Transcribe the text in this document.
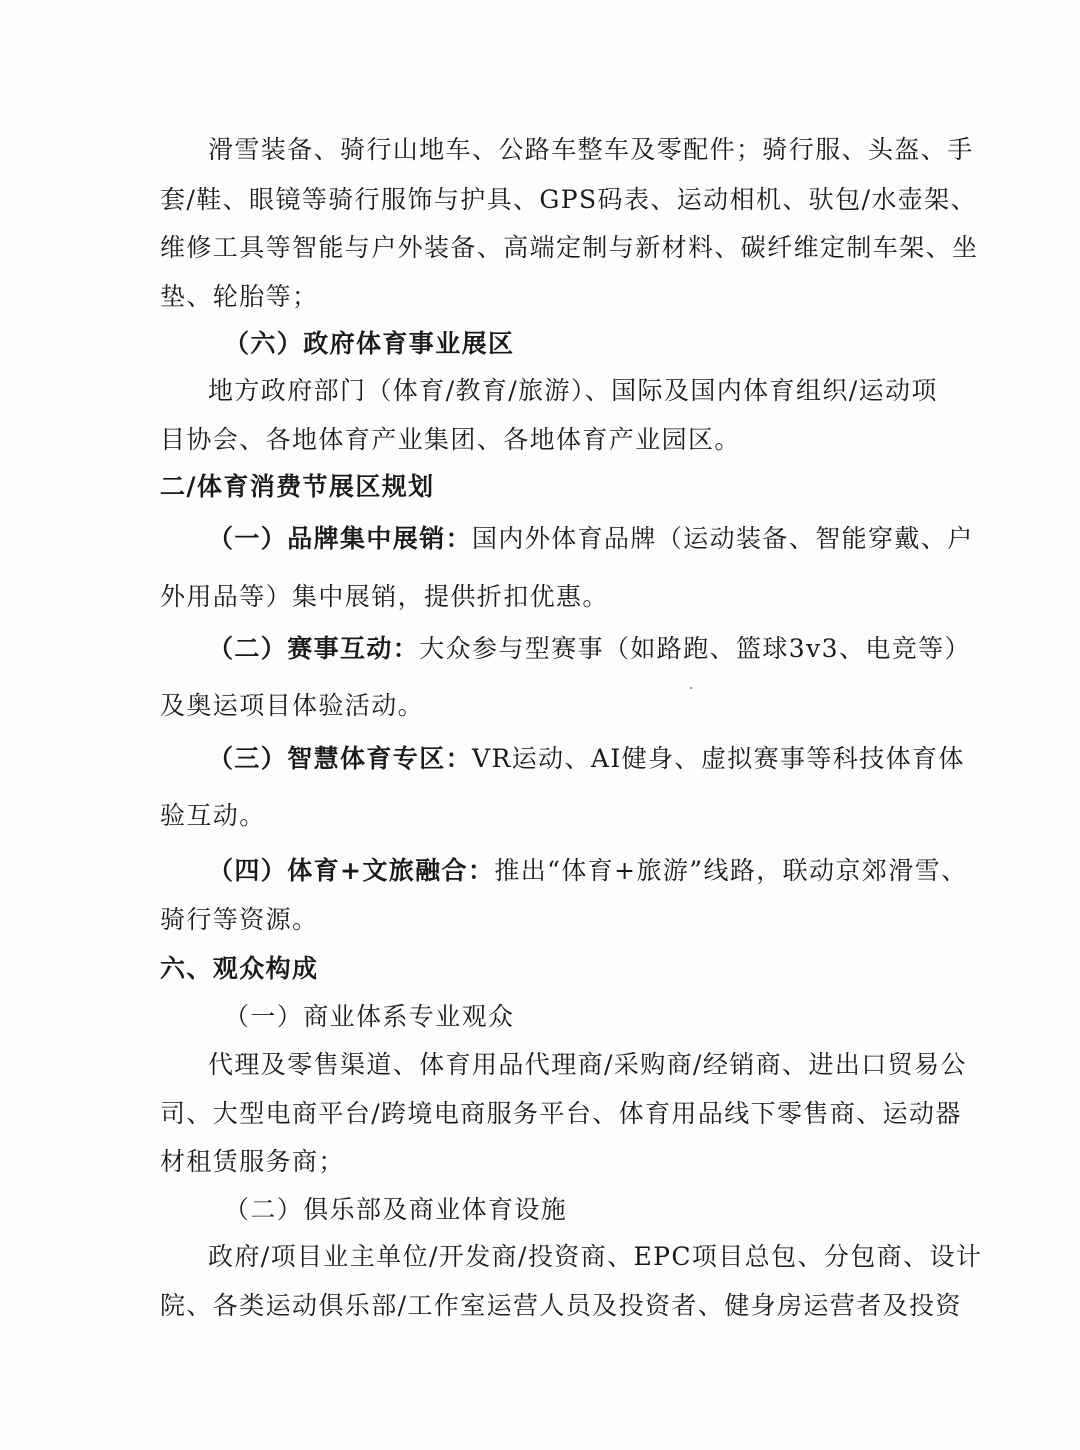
滑雪装备、骑行山地车、公路车整车及零配件；骑行服、头盔、手
套/鞋、眼镜等骑行服饰与护具、GPS码表、运动相机、驮包/水壶架、
维修工具等智能与户外装备、高端定制与新材料、碳纤维定制车架、坐
垫、轮胎等；
（六）政府体育事业展区
地方政府部门（体育/教育/旅游）、国际及国内体育组织/运动项
目协会、各地体育产业集团、各地体育产业园区。
二/体育消费节展区规划
（一）品牌集中展销：国内外体育品牌（运动装备、智能穿戴、户
外用品等）集中展销，提供折扣优惠。
（二）赛事互动：大众参与型赛事（如路跑、篮球3v3、电竞等）
及奥运项目体验活动。
（三）智慧体育专区：VR运动、AI健身、虚拟赛事等科技体育体
验互动。
（四）体育+文旅融合：推出“体育+旅游”线路，联动京郊滑雪、
骑行等资源。
六、观众构成
（一）商业体系专业观众
代理及零售渠道、体育用品代理商/采购商/经销商、进出口贸易公
司、大型电商平台/跨境电商服务平台、体育用品线下零售商、运动器
材租赁服务商；
（二）俱乐部及商业体育设施
政府/项目业主单位/开发商/投资商、EPC项目总包、分包商、设计
院、各类运动俱乐部/工作室运营人员及投资者、健身房运营者及投资
